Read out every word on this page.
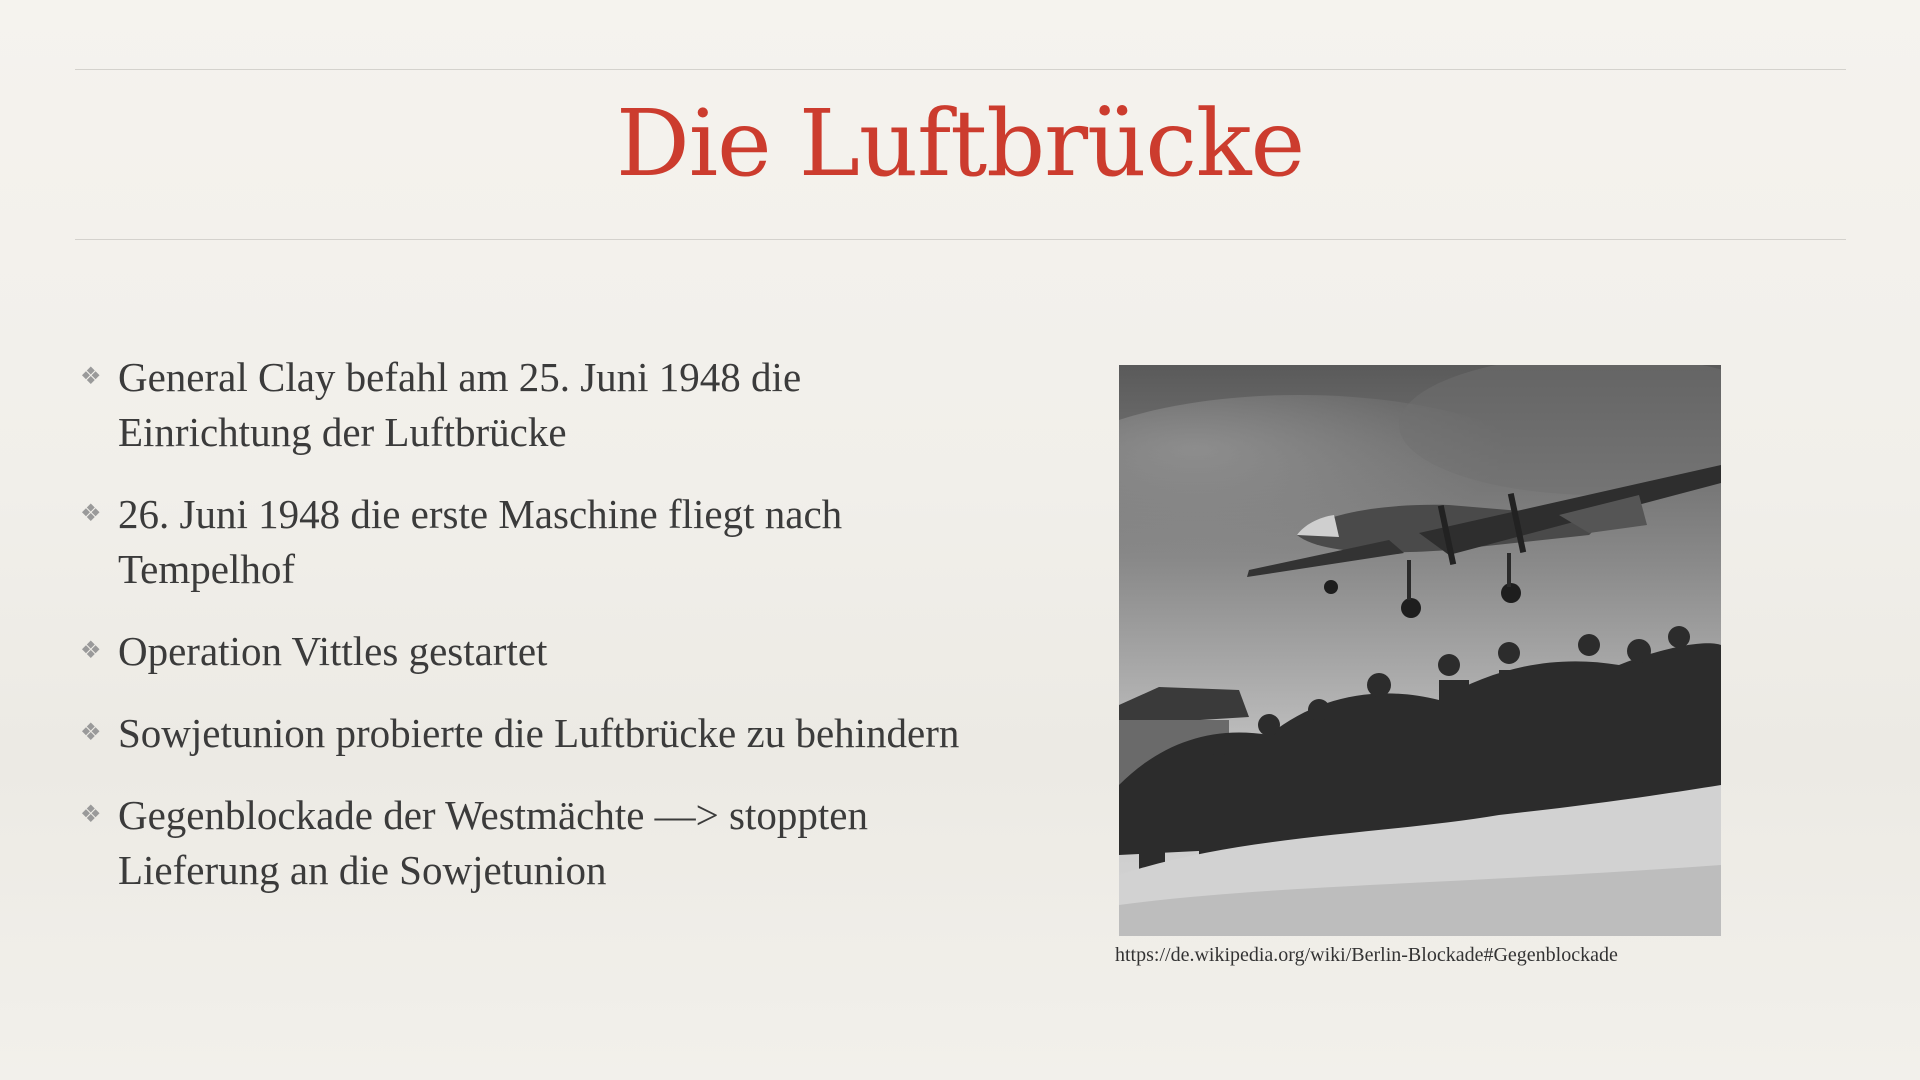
Die Luftbrücke
❖ General Clay befahl am 25. Juni 1948 die Einrichtung der Luftbrücke
❖ 26. Juni 1948 die erste Maschine fliegt nach Tempelhof
❖ Operation Vittles gestartet
❖ Sowjetunion probierte die Luftbrücke zu behindern
❖ Gegenblockade der Westmächte —> stoppten Lieferung an die Sowjetunion
https://de.wikipedia.org/wiki/Berlin-Blockade#Gegenblockade
